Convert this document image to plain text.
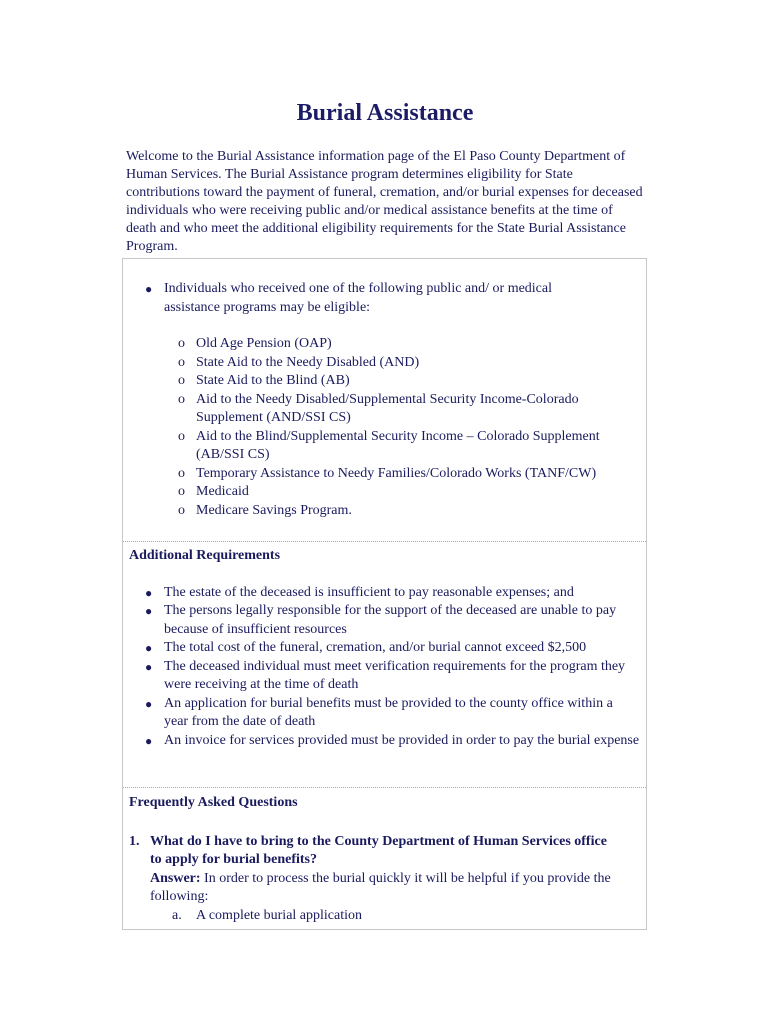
Burial Assistance

Welcome to the Burial Assistance information page of the El Paso County Department of Human Services. The Burial Assistance program determines eligibility for State contributions toward the payment of funeral, cremation, and/or burial expenses for deceased individuals who were receiving public and/or medical assistance benefits at the time of death and who meet the additional eligibility requirements for the State Burial Assistance Program.

● Individuals who received one of the following public and/ or medical assistance programs may be eligible:
o Old Age Pension (OAP)
o State Aid to the Needy Disabled (AND)
o State Aid to the Blind (AB)
o Aid to the Needy Disabled/Supplemental Security Income-Colorado Supplement (AND/SSI CS)
o Aid to the Blind/Supplemental Security Income – Colorado Supplement (AB/SSI CS)
o Temporary Assistance to Needy Families/Colorado Works (TANF/CW)
o Medicaid
o Medicare Savings Program.

Additional Requirements

● The estate of the deceased is insufficient to pay reasonable expenses; and
● The persons legally responsible for the support of the deceased are unable to pay because of insufficient resources
● The total cost of the funeral, cremation, and/or burial cannot exceed $2,500
● The deceased individual must meet verification requirements for the program they were receiving at the time of death
● An application for burial benefits must be provided to the county office within a year from the date of death
● An invoice for services provided must be provided in order to pay the burial expense

Frequently Asked Questions

1. What do I have to bring to the County Department of Human Services office to apply for burial benefits?

Answer: In order to process the burial quickly it will be helpful if you provide the following:

a. A complete burial application
